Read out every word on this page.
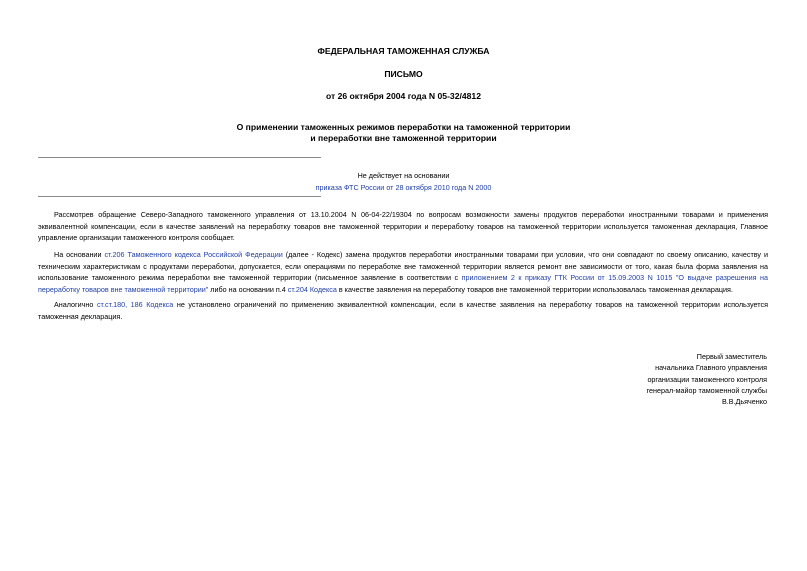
ФЕДЕРАЛЬНАЯ ТАМОЖЕННАЯ СЛУЖБА
ПИСЬМО
от 26 октября 2004 года N 05-32/4812
О применении таможенных режимов переработки на таможенной территории
и переработки вне таможенной территории
Не действует на основании
приказа ФТС России от 28 октября 2010 года N 2000
Рассмотрев обращение Северо-Западного таможенного управления от 13.10.2004 N 06-04-22/19304 по вопросам возможности замены продуктов переработки иностранными товарами и применения эквивалентной компенсации, если в качестве заявлений на переработку товаров вне таможенной территории и переработку товаров на таможенной территории используется таможенная декларация, Главное управление организации таможенного контроля сообщает.
На основании ст.206 Таможенного кодекса Российской Федерации (далее - Кодекс) замена продуктов переработки иностранными товарами при условии, что они совпадают по своему описанию, качеству и техническим характеристикам с продуктами переработки, допускается, если операциями по переработке вне таможенной территории является ремонт вне зависимости от того, какая была форма заявления на использование таможенного режима переработки вне таможенной территории (письменное заявление в соответствии с приложением 2 к приказу ГТК России от 15.09.2003 N 1015 "О выдаче разрешения на переработку товаров вне таможенной территории" либо на основании п.4 ст.204 Кодекса в качестве заявления на переработку товаров вне таможенной территории использовалась таможенная декларация.
Аналогично ст.ст.180, 186 Кодекса не установлено ограничений по применению эквивалентной компенсации, если в качестве заявления на переработку товаров на таможенной территории используется таможенная декларация.
Первый заместитель
начальника Главного управления
организации таможенного контроля
генерал-майор таможенной службы
В.В.Дьяченко
